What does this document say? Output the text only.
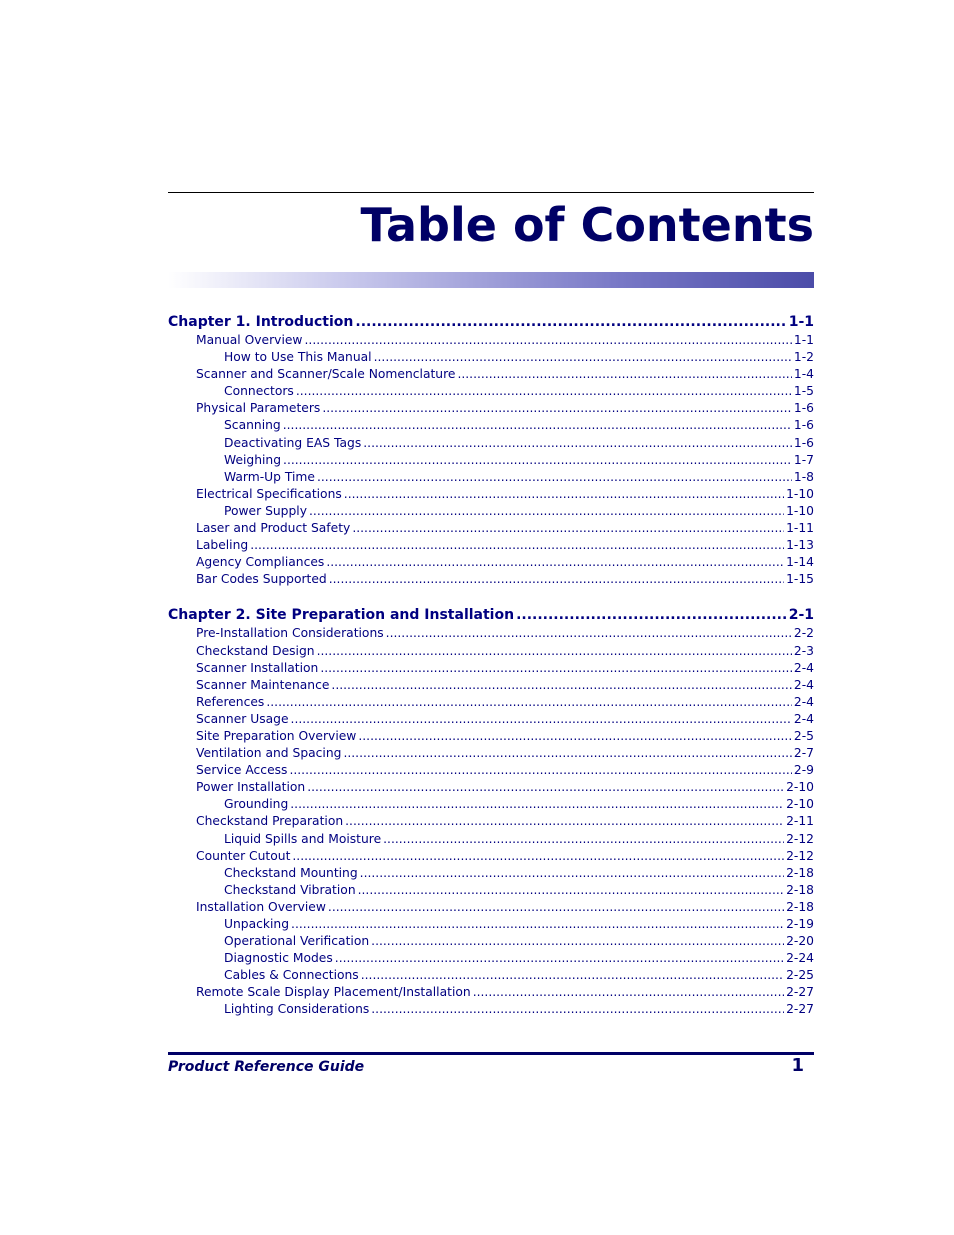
Table of Contents
Chapter 1. Introduction .....	1-1
Manual Overview .....	1-1
How to Use This Manual .....	1-2
Scanner and Scanner/Scale Nomenclature .....	1-4
Connectors .....	1-5
Physical Parameters .....	1-6
Scanning .....	1-6
Deactivating EAS Tags .....	1-6
Weighing .....	1-7
Warm-Up Time .....	1-8
Electrical Specifications .....	1-10
Power Supply .....	1-10
Laser and Product Safety .....	1-11
Labeling .....	1-13
Agency Compliances .....	1-14
Bar Codes Supported .....	1-15
Chapter 2. Site Preparation and Installation .....	2-1
Pre-Installation Considerations .....	2-2
Checkstand Design .....	2-3
Scanner Installation .....	2-4
Scanner Maintenance .....	2-4
References .....	2-4
Scanner Usage .....	2-4
Site Preparation Overview .....	2-5
Ventilation and Spacing .....	2-7
Service Access .....	2-9
Power Installation .....	2-10
Grounding .....	2-10
Checkstand Preparation .....	2-11
Liquid Spills and Moisture .....	2-12
Counter Cutout .....	2-12
Checkstand Mounting .....	2-18
Checkstand Vibration .....	2-18
Installation Overview .....	2-18
Unpacking .....	2-19
Operational Verification .....	2-20
Diagnostic Modes .....	2-24
Cables & Connections .....	2-25
Remote Scale Display Placement/Installation .....	2-27
Lighting Considerations .....	2-27
Product Reference Guide	1
